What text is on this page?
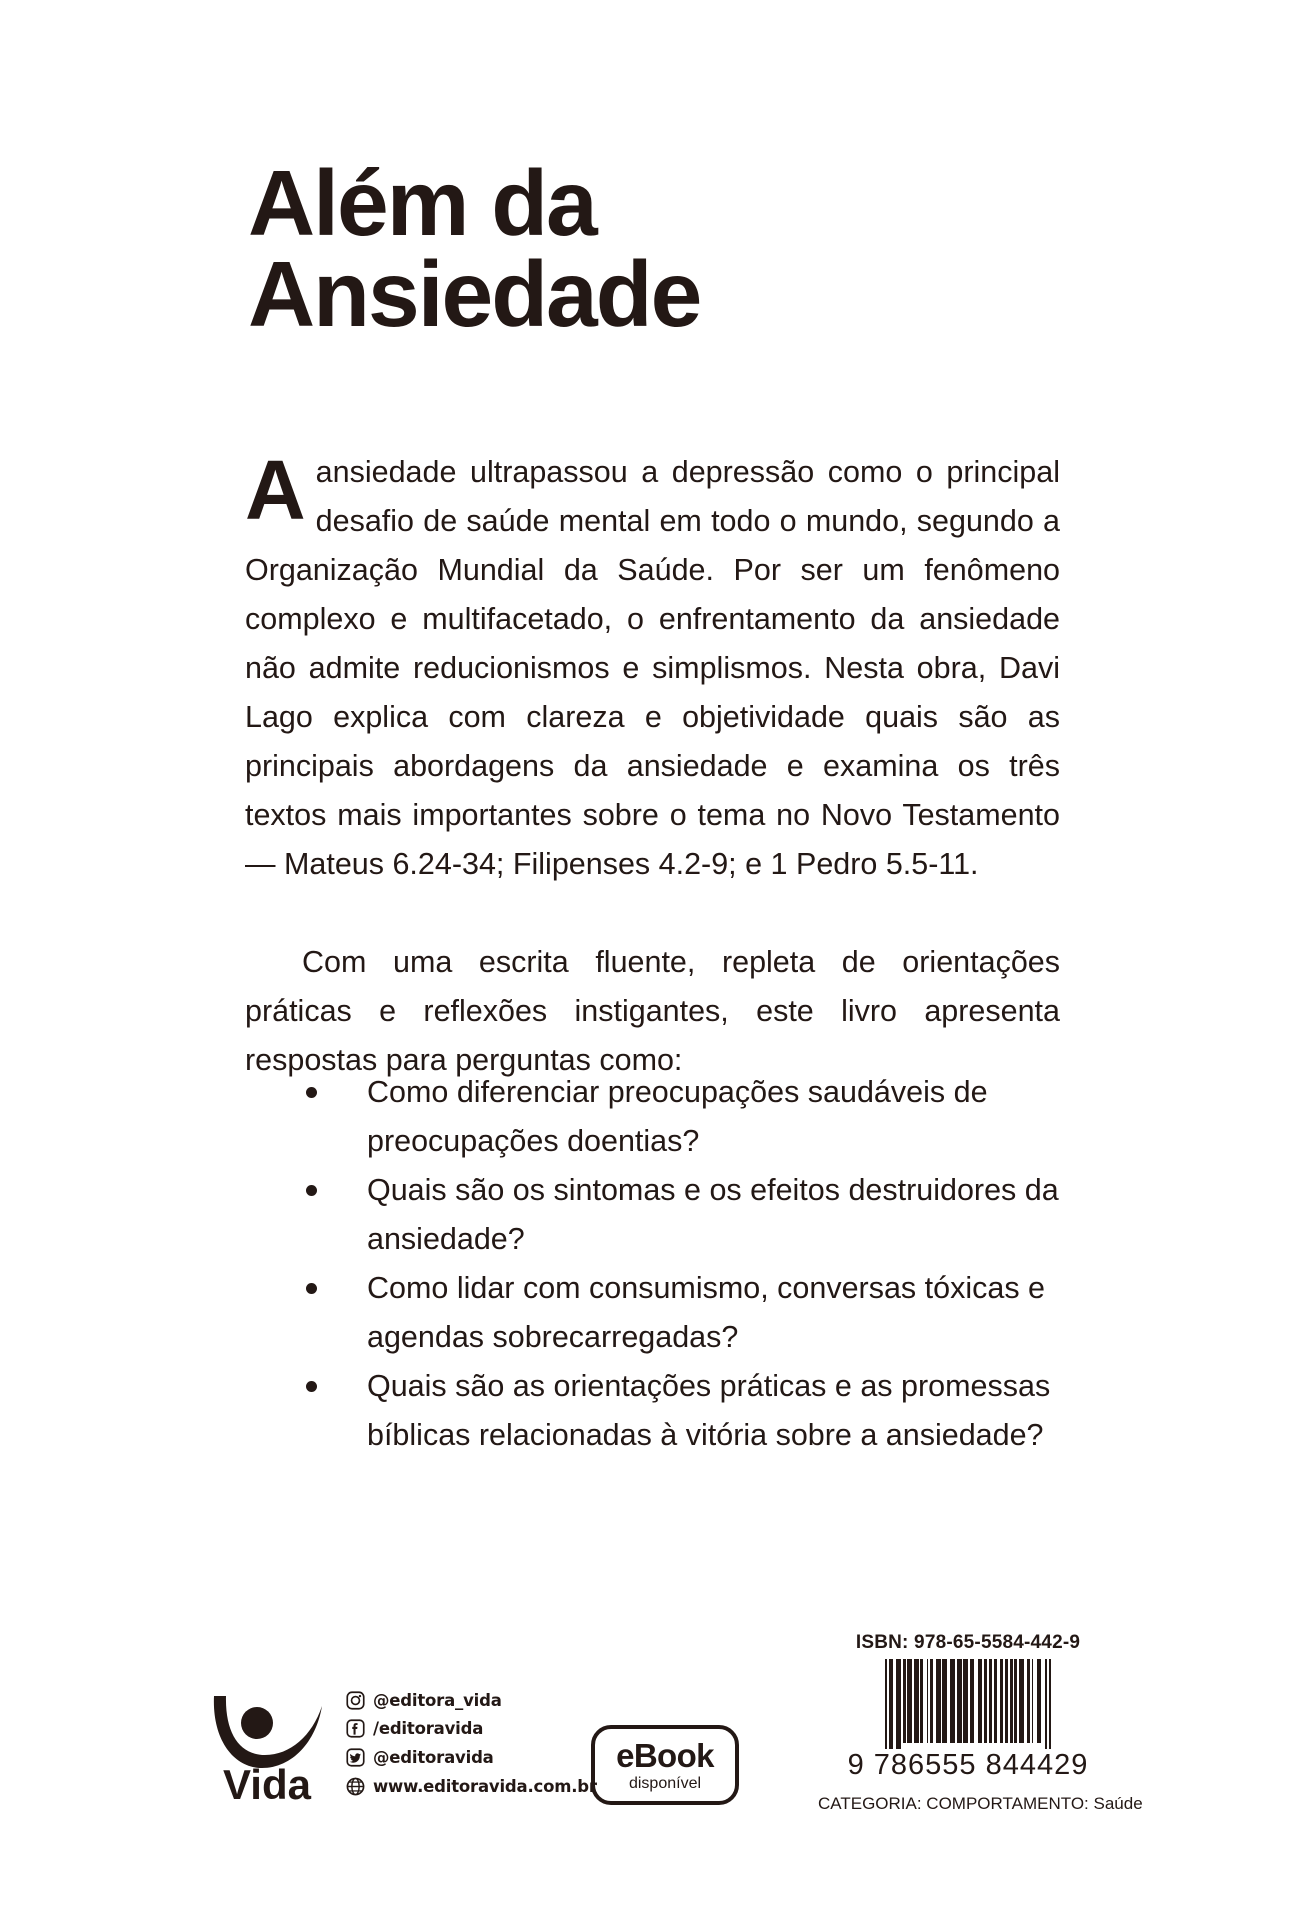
Além da
Ansiedade

Aansiedade ultrapassou a depressão como o principal desafio de saúde mental em todo o mundo, segundo a Organização Mundial da Saúde. Por ser um fenômeno complexo e multifacetado, o enfrentamento da ansiedade não admite reducionismos e simplismos. Nesta obra, Davi Lago explica com clareza e objetividade quais são as principais abordagens da ansiedade e examina os três textos mais importantes sobre o tema no Novo Testamento — Mateus 6.24-34; Filipenses 4.2-9; e 1 Pedro 5.5-11.

Com uma escrita fluente, repleta de orientações práticas e reflexões instigantes, este livro apresenta respostas para perguntas como:

Como diferenciar preocupações saudáveis de preocupações doentias?
Quais são os sintomas e os efeitos destruidores da ansiedade?
Como lidar com consumismo, conversas tóxicas e agendas sobrecarregadas?
Quais são as orientações práticas e as promessas bíblicas relacionadas à vitória sobre a ansiedade?
Vida
@editora_vida
/editoravida
@editoravida
www.editoravida.com.br
eBook
disponível
ISBN: 978-65-5584-442-9
9 786555 844429
CATEGORIA: COMPORTAMENTO: Saúde
